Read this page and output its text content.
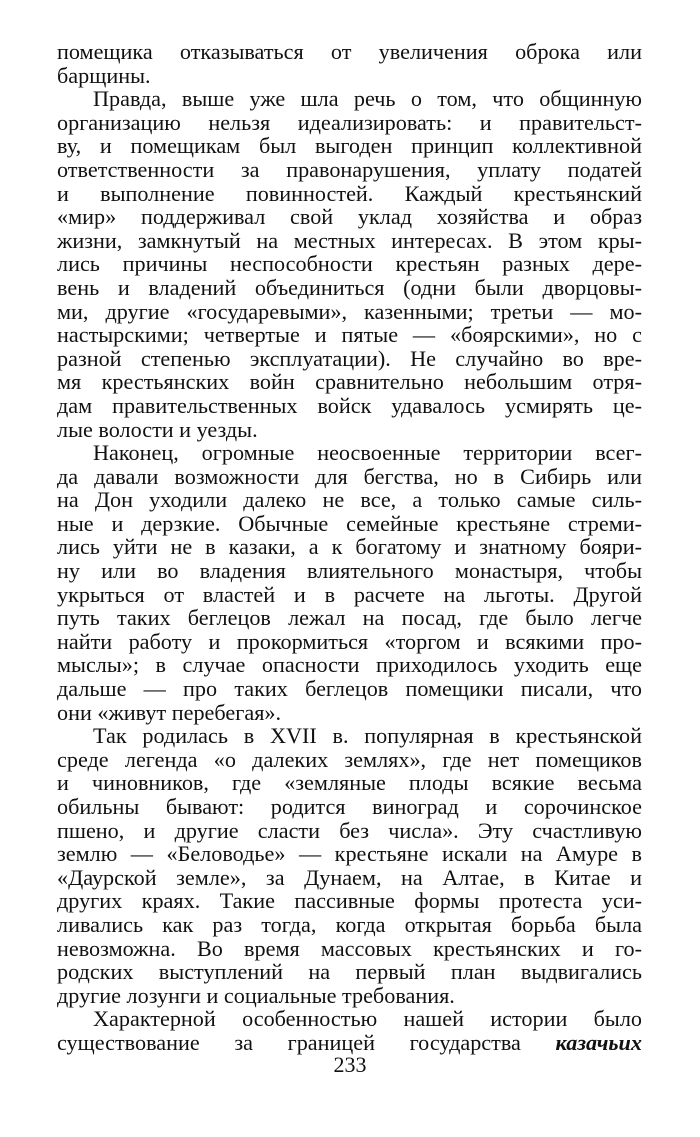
помещика отказываться от увеличения оброка или
барщины.
Правда, выше уже шла речь о том, что общинную
организацию нельзя идеализировать: и правительст-
ву, и помещикам был выгоден принцип коллективной
ответственности за правонарушения, уплату податей
и выполнение повинностей. Каждый крестьянский
«мир» поддерживал свой уклад хозяйства и образ
жизни, замкнутый на местных интересах. В этом кры-
лись причины неспособности крестьян разных дере-
вень и владений объединиться (одни были дворцовы-
ми, другие «государевыми», казенными; третьи — мо-
настырскими; четвертые и пятые — «боярскими», но с
разной степенью эксплуатации). Не случайно во вре-
мя крестьянских войн сравнительно небольшим отря-
дам правительственных войск удавалось усмирять це-
лые волости и уезды.
Наконец, огромные неосвоенные территории всег-
да давали возможности для бегства, но в Сибирь или
на Дон уходили далеко не все, а только самые силь-
ные и дерзкие. Обычные семейные крестьяне стреми-
лись уйти не в казаки, а к богатому и знатному бояри-
ну или во владения влиятельного монастыря, чтобы
укрыться от властей и в расчете на льготы. Другой
путь таких беглецов лежал на посад, где было легче
найти работу и прокормиться «торгом и всякими про-
мыслы»; в случае опасности приходилось уходить еще
дальше — про таких беглецов помещики писали, что
они «живут перебегая».
Так родилась в XVII в. популярная в крестьянской
среде легенда «о далеких землях», где нет помещиков
и чиновников, где «земляные плоды всякие весьма
обильны бывают: родится виноград и сорочинское
пшено, и другие сласти без числа». Эту счастливую
землю — «Беловодье» — крестьяне искали на Амуре в
«Даурской земле», за Дунаем, на Алтае, в Китае и
других краях. Такие пассивные формы протеста уси-
ливались как раз тогда, когда открытая борьба была
невозможна. Во время массовых крестьянских и го-
родских выступлений на первый план выдвигались
другие лозунги и социальные требования.
Характерной особенностью нашей истории было
существование за границей государства казачьих
233
